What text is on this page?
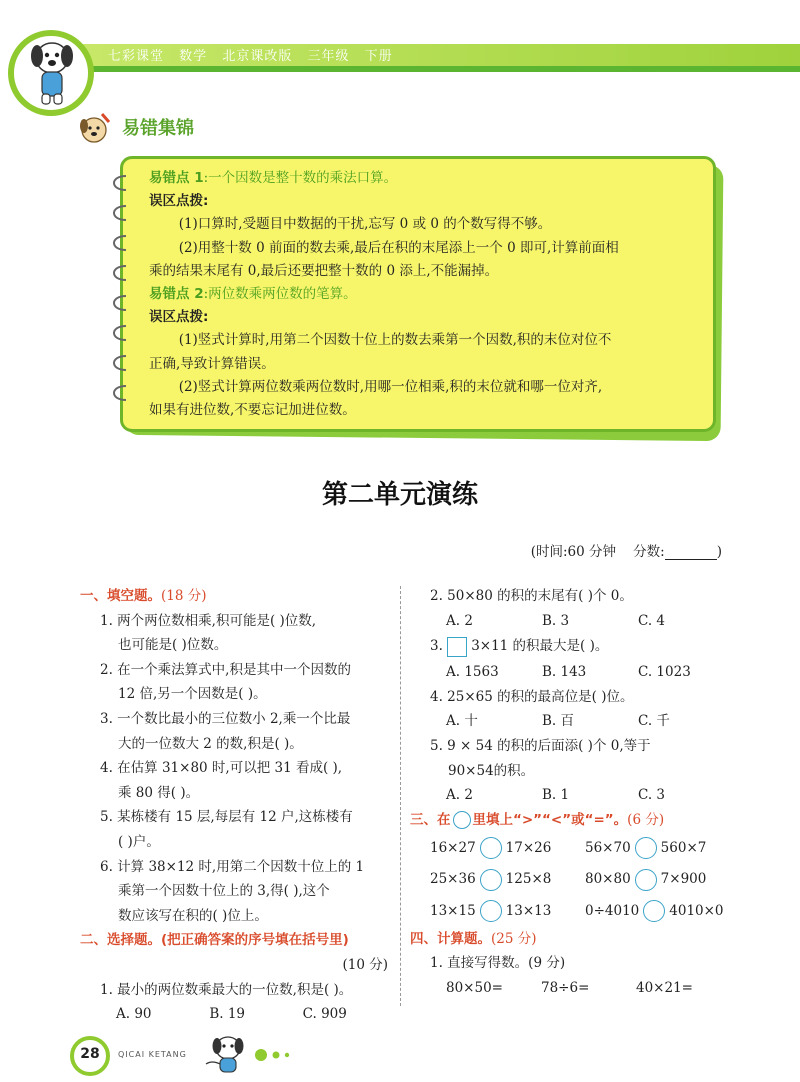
七彩课堂 数学 北京课改版 三年级 下册
易错集锦

易错点 1:一个因数是整十数的乘法口算。

误区点拨:

(1)口算时,受题目中数据的干扰,忘写 0 或 0 的个数写得不够。

(2)用整十数 0 前面的数去乘,最后在积的末尾添上一个 0 即可,计算前面相

乘的结果末尾有 0,最后还要把整十数的 0 添上,不能漏掉。

易错点 2:两位数乘两位数的笔算。

误区点拨:

(1)竖式计算时,用第二个因数十位上的数去乘第一个因数,积的末位对位不

正确,导致计算错误。

(2)竖式计算两位数乘两位数时,用哪一位相乘,积的末位就和哪一位对齐,

如果有进位数,不要忘记加进位数。

第二单元演练
(时间:60 分钟 分数:	)

一、填空题。(18 分)

1. 两个两位数相乘,积可能是( )位数,

也可能是( )位数。

2. 在一个乘法算式中,积是其中一个因数的

12 倍,另一个因数是( )。

3. 一个数比最小的三位数小 2,乘一个比最

大的一位数大 2 的数,积是( )。

4. 在估算 31×80 时,可以把 31 看成( ),

乘 80 得( )。

5. 某栋楼有 15 层,每层有 12 户,这栋楼有

( )户。

6. 计算 38×12 时,用第二个因数十位上的 1

乘第一个因数十位上的 3,得( ),这个

数应该写在积的( )位上。

二、选择题。(把正确答案的序号填在括号里)

(10 分)

1. 最小的两位数乘最大的一位数,积是( )。

A. 90	B. 19	C. 909

2. 50×80 的积的末尾有( )个 0。

A. 2	B. 3	C. 4

3. 3×11 的积最大是( )。

A. 1563	B. 143	C. 1023

4. 25×65 的积的最高位是( )位。

A. 十	B. 百	C. 千

5. 9 × 54 的积的后面添( )个 0,等于

90×54的积。

A. 2	B. 1	C. 3

三、在 里填上“>”“<”或“=”。(6 分)

16×27 17×26 56×70 560×7
25×36 125×8 80×80 7×900
13×15 13×13 0÷4010 4010×0

四、计算题。(25 分)

1. 直接写得数。(9 分)

80×50=	78÷6=	40×21=

28	QICAI KETANG
